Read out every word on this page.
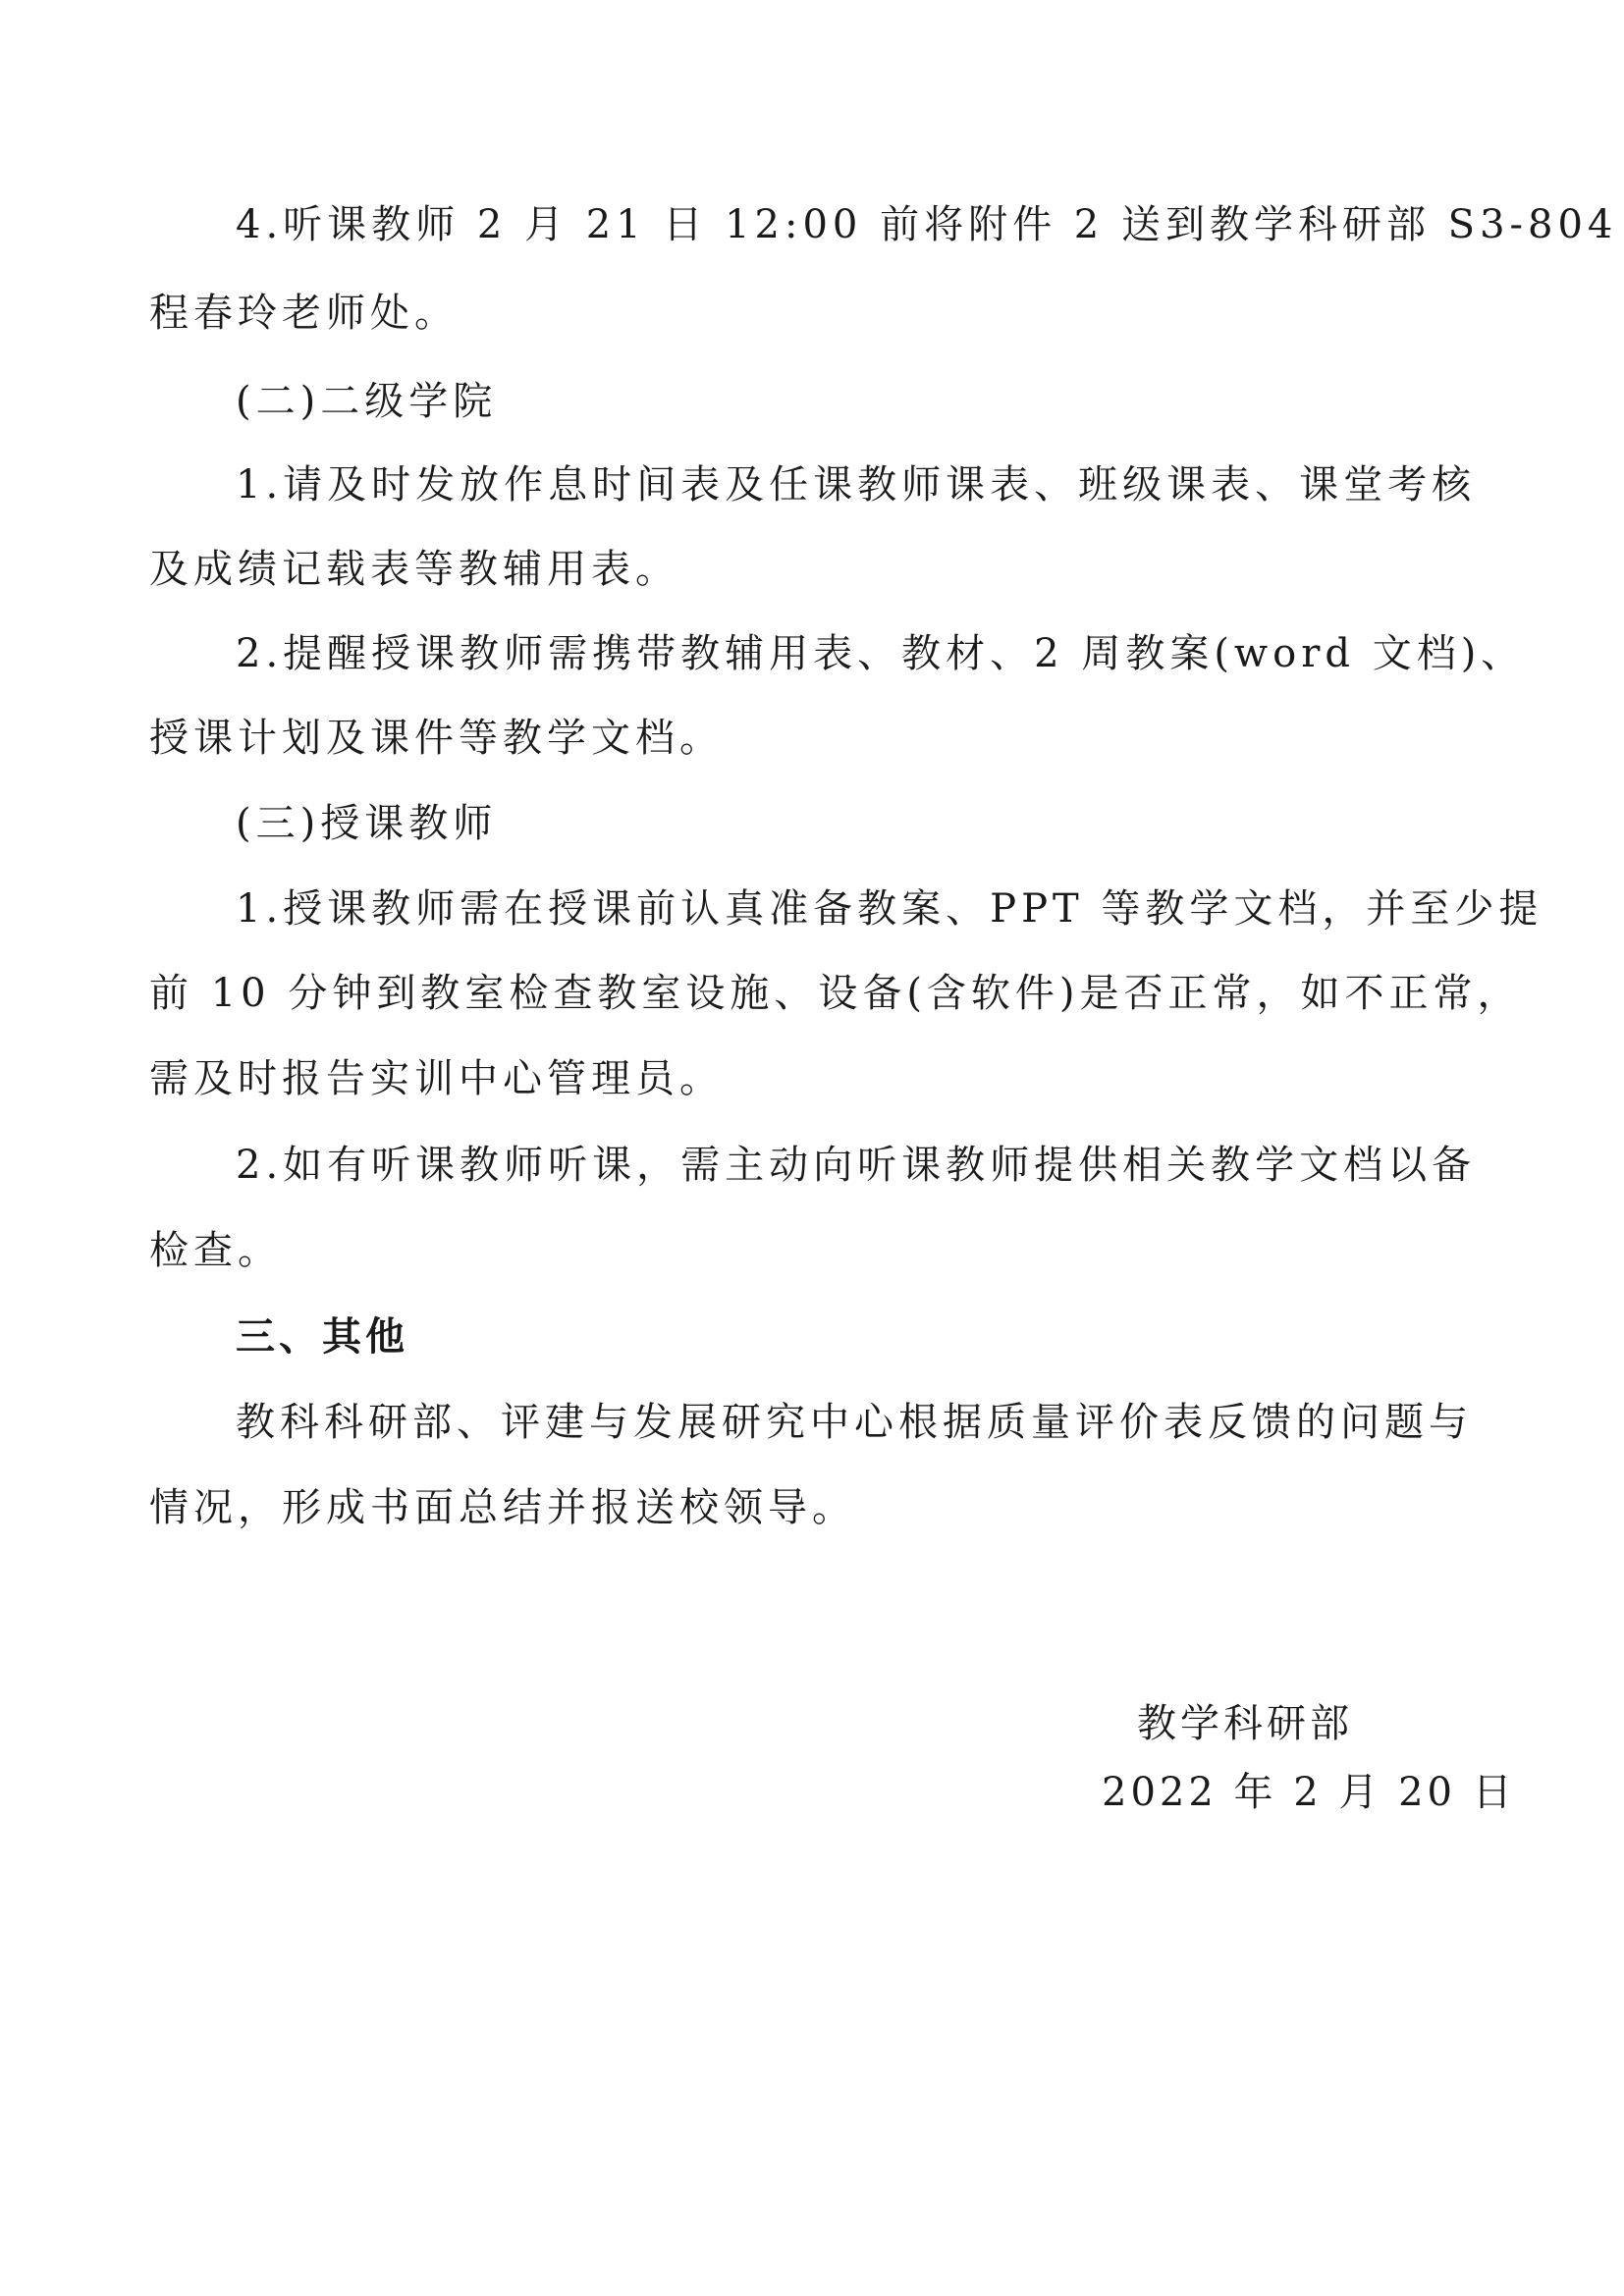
4.听课教师 2 月 21 日 12:00 前将附件 2 送到教学科研部 S3-804
程春玲老师处。
(二)二级学院
1.请及时发放作息时间表及任课教师课表、班级课表、课堂考核
及成绩记载表等教辅用表。
2.提醒授课教师需携带教辅用表、教材、2 周教案(word 文档)、
授课计划及课件等教学文档。
(三)授课教师
1.授课教师需在授课前认真准备教案、PPT 等教学文档，并至少提
前 10 分钟到教室检查教室设施、设备(含软件)是否正常，如不正常，
需及时报告实训中心管理员。
2.如有听课教师听课，需主动向听课教师提供相关教学文档以备
检查。
三、其他
教科科研部、评建与发展研究中心根据质量评价表反馈的问题与
情况，形成书面总结并报送校领导。
教学科研部
2022 年 2 月 20 日
